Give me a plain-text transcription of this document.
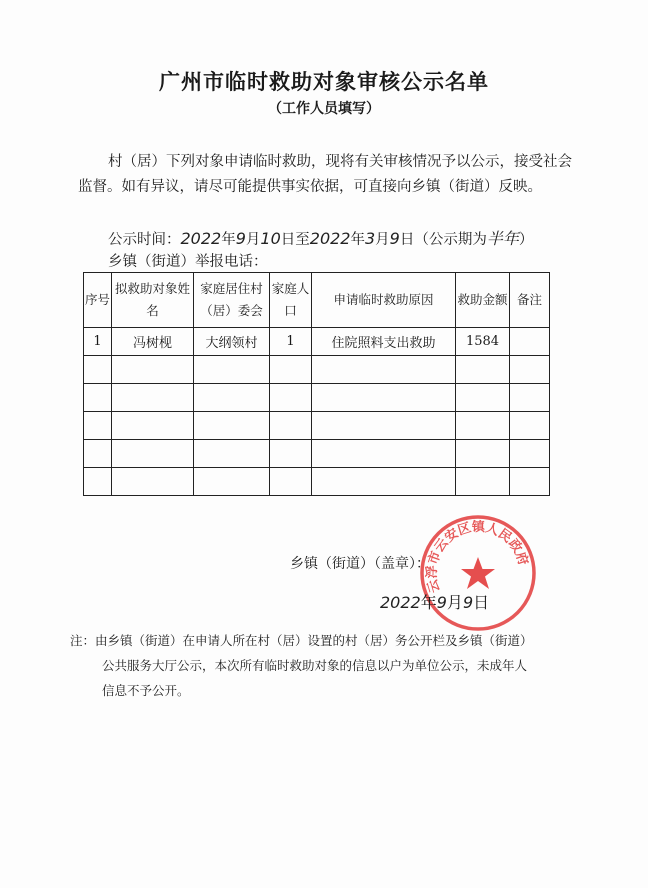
广州市临时救助对象审核公示名单
（工作人员填写）
村（居）下列对象申请临时救助，现将有关审核情况予以公示，接受社会监督。如有异议，请尽可能提供事实依据，可直接向乡镇（街道）反映。
公示时间：2022年9月10日至2022年3月9日（公示期为半年）
乡镇（街道）举报电话：
序号	拟救助对象姓名	家庭居住村（居）委会	家庭人口	申请临时救助原因	救助金额	备注
1	冯树枧	大纲领村	1	住院照料支出救助	1584	

云浮市云安区镇人民政府
乡镇（街道）（盖章）：
2022年9月9日
注：由乡镇（街道）在申请人所在村（居）设置的村（居）务公开栏及乡镇（街道）公共服务大厅公示，本次所有临时救助对象的信息以户为单位公示，未成年人信息不予公开。
